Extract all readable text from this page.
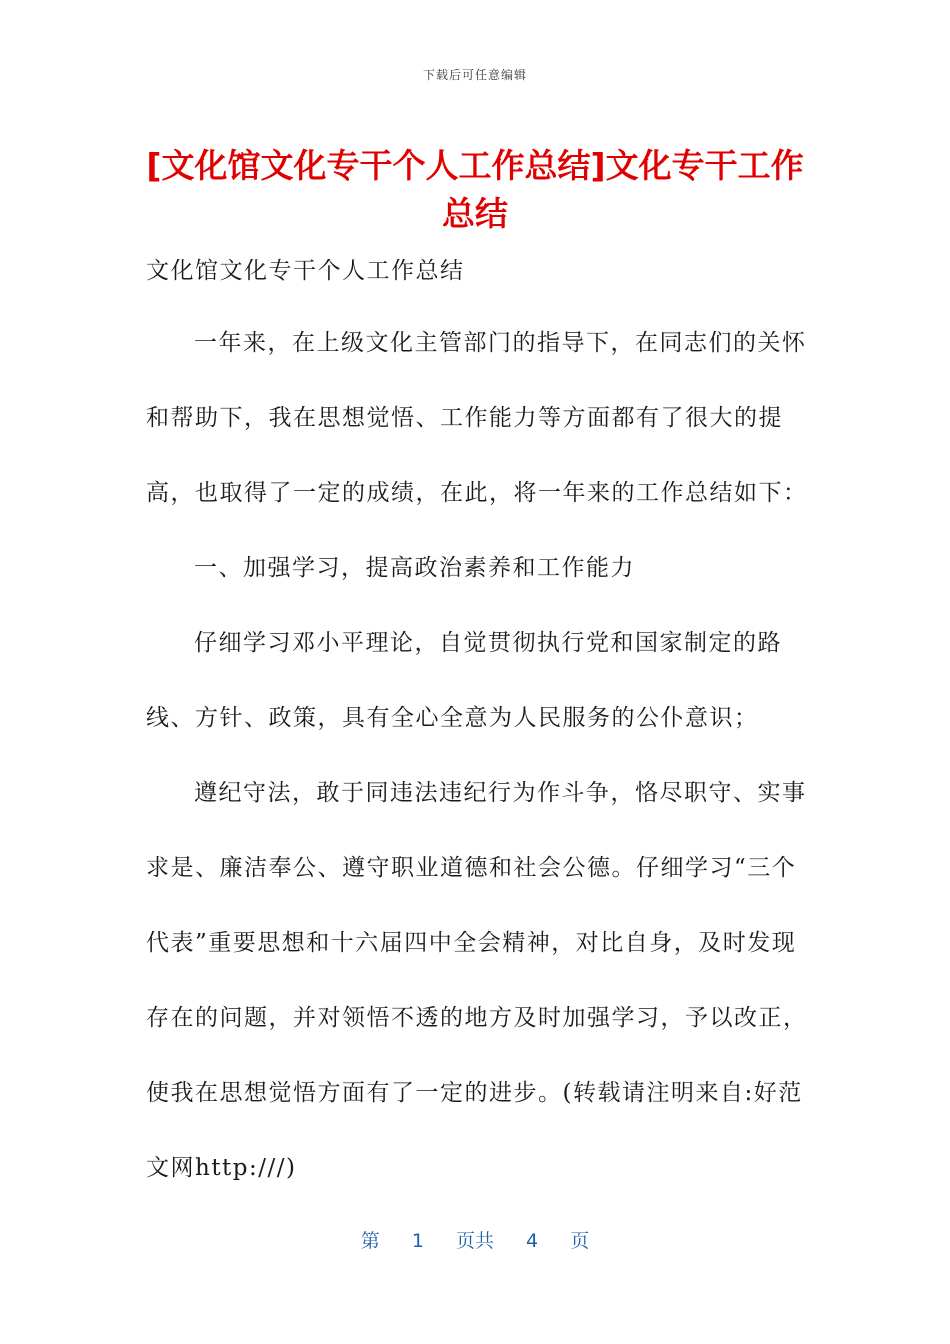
下载后可任意编辑
[文化馆文化专干个人工作总结]文化专干工作总结
文化馆文化专干个人工作总结

一年来，在上级文化主管部门的指导下，在同志们的关怀和帮助下，我在思想觉悟、工作能力等方面都有了很大的提高，也取得了一定的成绩，在此，将一年来的工作总结如下：

一、加强学习，提高政治素养和工作能力

仔细学习邓小平理论，自觉贯彻执行党和国家制定的路线、方针、政策，具有全心全意为人民服务的公仆意识；

遵纪守法，敢于同违法违纪行为作斗争，恪尽职守、实事求是、廉洁奉公、遵守职业道德和社会公德。仔细学习“三个代表”重要思想和十六届四中全会精神，对比自身，及时发现存在的问题，并对领悟不透的地方及时加强学习，予以改正，使我在思想觉悟方面有了一定的进步。(转载请注明来自:好范文网http:///)

第 1 页共 4 页
